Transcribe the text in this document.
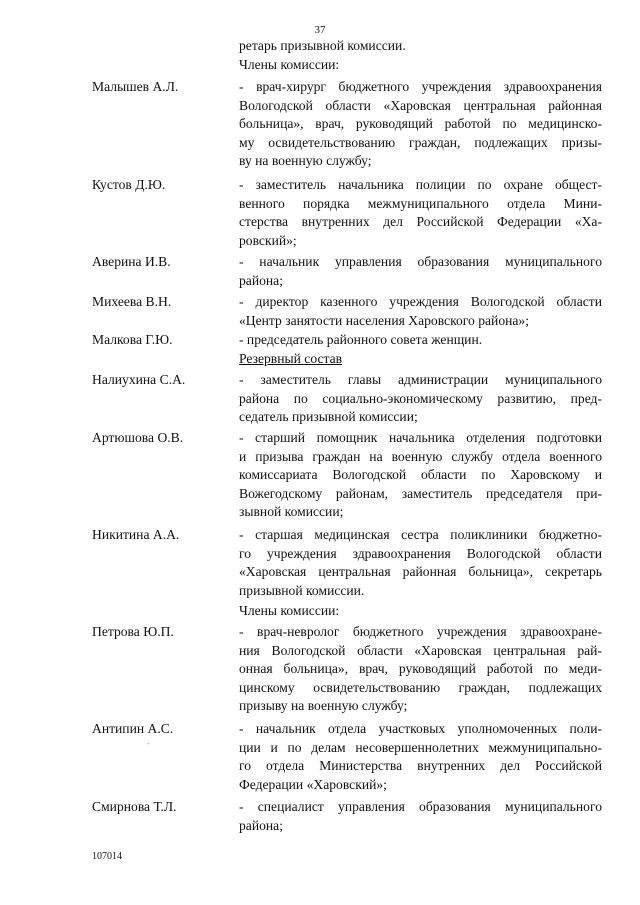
37
ретарь призывной комиссии.
Члены комиссии:
Малышев А.Л.	- врач-хирург бюджетного учреждения здравоохранения
Вологодской области «Харовская центральная районная
больница», врач, руководящий работой по медицинско-
му освидетельствованию граждан, подлежащих призы-
ву на военную службу;
Кустов Д.Ю.	- заместитель начальника полиции по охране общест-
венного порядка межмуниципального отдела Мини-
стерства внутренних дел Российской Федерации «Ха-
ровский»;
Аверина И.В.	- начальник управления образования муниципального
района;
Михеева В.Н.	- директор казенного учреждения Вологодской области
«Центр занятости населения Харовского района»;
Малкова Г.Ю.	- председатель районного совета женщин.
Резервный состав
Налиухина С.А.	- заместитель главы администрации муниципального
района по социально-экономическому развитию, пред-
седатель призывной комиссии;
Артюшова О.В.	- старший помощник начальника отделения подготовки
и призыва граждан на военную службу отдела военного
комиссариата Вологодской области по Харовскому и
Вожегодскому районам, заместитель председателя при-
зывной комиссии;
Никитина А.А.	- старшая медицинская сестра поликлиники бюджетно-
го учреждения здравоохранения Вологодской области
«Харовская центральная районная больница», секретарь
призывной комиссии.
Члены комиссии:
Петрова Ю.П.	- врач-невролог бюджетного учреждения здравоохране-
ния Вологодской области «Харовская центральная рай-
онная больница», врач, руководящий работой по меди-
цинскому освидетельствованию граждан, подлежащих
призыву на военную службу;
Антипин А.С.	- начальник отдела участковых уполномоченных поли-
ции и по делам несовершеннолетних межмуниципально-
го отдела Министерства внутренних дел Российской
Федерации «Харовский»;
-
Смирнова Т.Л.	- специалист управления образования муниципального
района;
107014
